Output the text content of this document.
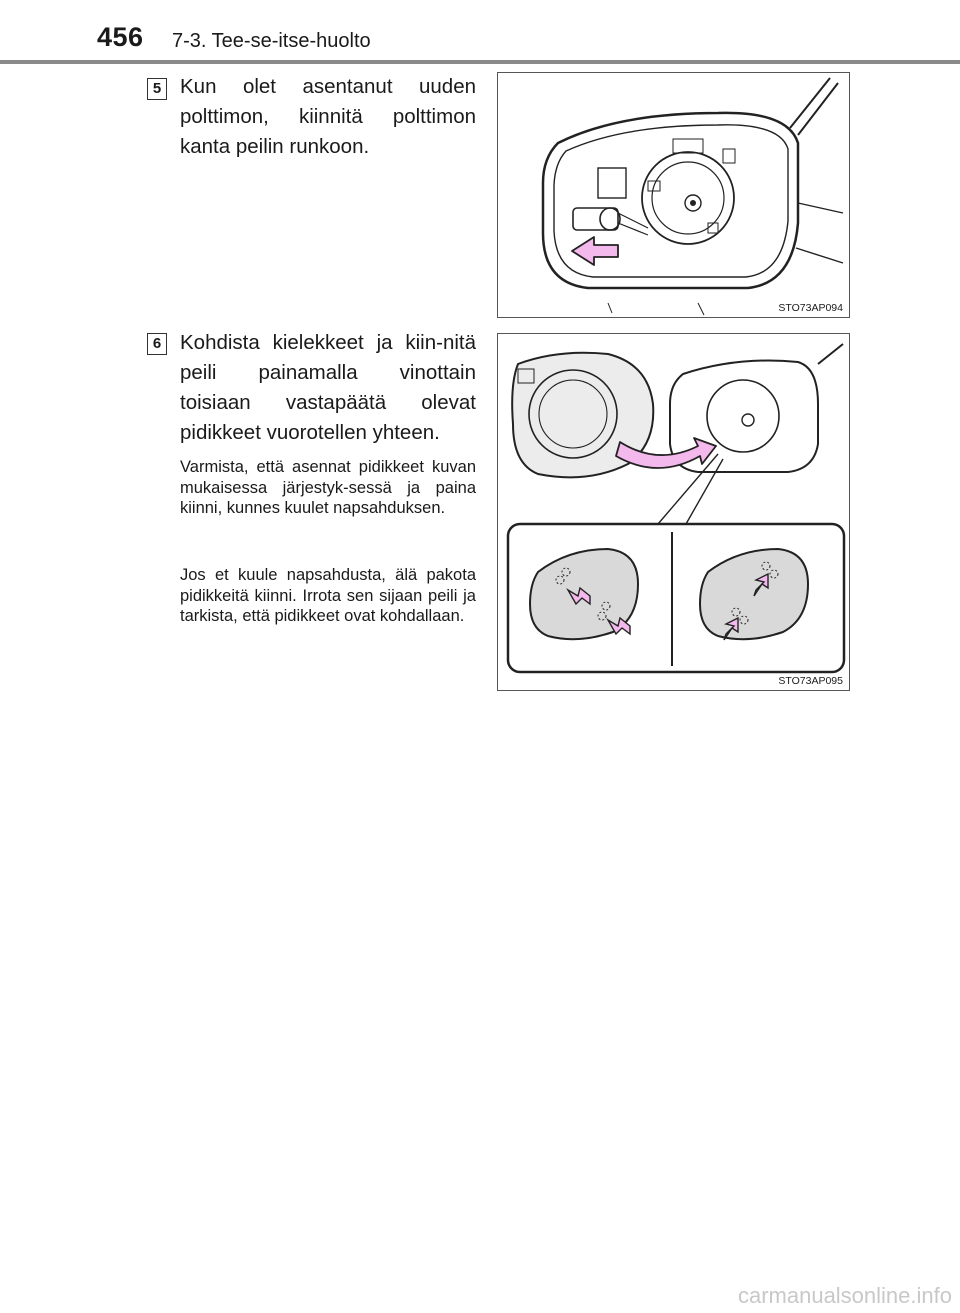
456 7-3. Tee-se-itse-huolto
5 Kun olet asentanut uuden polttimon, kiinnitä polttimon kanta peilin runkoon.
STO73AP094
6 Kohdista kielekkeet ja kiin-nitä peili painamalla vinottain toisiaan vastapäätä olevat pidikkeet vuorotellen yhteen.
Varmista, että asennat pidikkeet kuvan mukaisessa järjestyk-sessä ja paina kiinni, kunnes kuulet napsahduksen.
Jos et kuule napsahdusta, älä pakota pidikkeitä kiinni. Irrota sen sijaan peili ja tarkista, että pidikkeet ovat kohdallaan.
STO73AP095
carmanualsonline.info
